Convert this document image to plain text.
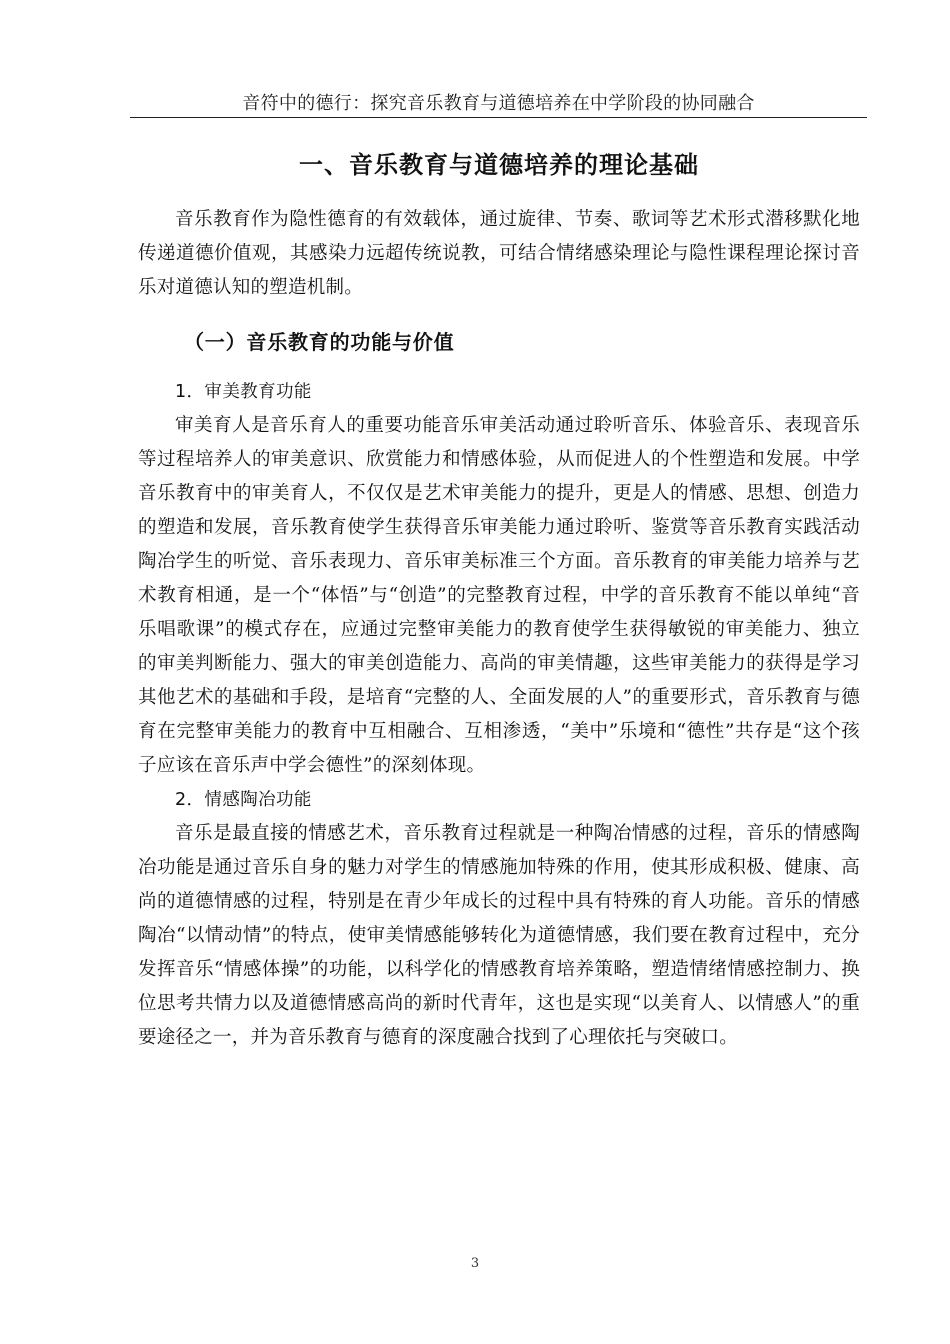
音符中的德行：探究音乐教育与道德培养在中学阶段的协同融合
一、音乐教育与道德培养的理论基础

音乐教育作为隐性德育的有效载体，通过旋律、节奏、歌词等艺术形式潜移默化地传递道德价值观，其感染力远超传统说教，可结合情绪感染理论与隐性课程理论探讨音乐对道德认知的塑造机制。

（一）音乐教育的功能与价值
1．审美教育功能

审美育人是音乐育人的重要功能音乐审美活动通过聆听音乐、体验音乐、表现音乐等过程培养人的审美意识、欣赏能力和情感体验，从而促进人的个性塑造和发展。中学音乐教育中的审美育人，不仅仅是艺术审美能力的提升，更是人的情感、思想、创造力的塑造和发展，音乐教育使学生获得音乐审美能力通过聆听、鉴赏等音乐教育实践活动陶冶学生的听觉、音乐表现力、音乐审美标准三个方面。音乐教育的审美能力培养与艺术教育相通，是一个“体悟”与“创造”的完整教育过程，中学的音乐教育不能以单纯“音乐唱歌课”的模式存在，应通过完整审美能力的教育使学生获得敏锐的审美能力、独立的审美判断能力、强大的审美创造能力、高尚的审美情趣，这些审美能力的获得是学习其他艺术的基础和手段，是培育“完整的人、全面发展的人”的重要形式，音乐教育与德育在完整审美能力的教育中互相融合、互相渗透，“美中”乐境和“德性”共存是“这个孩子应该在音乐声中学会德性”的深刻体现。

2．情感陶冶功能

音乐是最直接的情感艺术，音乐教育过程就是一种陶冶情感的过程，音乐的情感陶冶功能是通过音乐自身的魅力对学生的情感施加特殊的作用，使其形成积极、健康、高尚的道德情感的过程，特别是在青少年成长的过程中具有特殊的育人功能。音乐的情感陶冶“以情动情”的特点，使审美情感能够转化为道德情感，我们要在教育过程中，充分发挥音乐“情感体操”的功能，以科学化的情感教育培养策略，塑造情绪情感控制力、换位思考共情力以及道德情感高尚的新时代青年，这也是实现“以美育人、以情感人”的重要途径之一，并为音乐教育与德育的深度融合找到了心理依托与突破口。

3
